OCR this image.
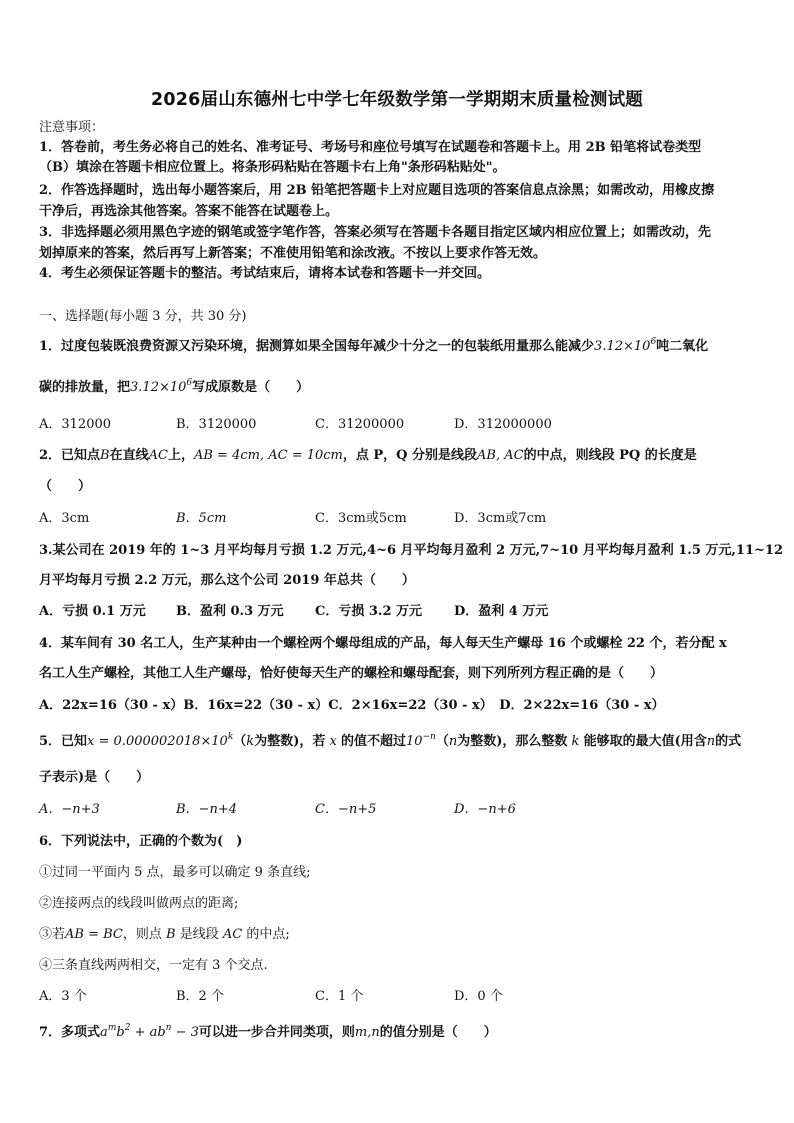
2026届山东德州七中学七年级数学第一学期期末质量检测试题
注意事项：
1．答卷前，考生务必将自己的姓名、准考证号、考场号和座位号填写在试题卷和答题卡上。用 2B 铅笔将试卷类型
（B）填涂在答题卡相应位置上。将条形码粘贴在答题卡右上角"条形码粘贴处"。
2．作答选择题时，选出每小题答案后，用 2B 铅笔把答题卡上对应题目选项的答案信息点涂黑；如需改动，用橡皮擦
干净后，再选涂其他答案。答案不能答在试题卷上。
3．非选择题必须用黑色字迹的钢笔或签字笔作答，答案必须写在答题卡各题目指定区域内相应位置上；如需改动，先
划掉原来的答案，然后再写上新答案；不准使用铅笔和涂改液。不按以上要求作答无效。
4．考生必须保证答题卡的整洁。考试结束后，请将本试卷和答题卡一并交回。
一、选择题(每小题 3 分，共 30 分)
1．过度包装既浪费资源又污染环境，据测算如果全国每年减少十分之一的包装纸用量那么能减少$3.12\times 10^6$吨二氧化
碳的排放量，把$3.12\times 10^6$写成原数是（　　）
A．312000	B．3120000	C．31200000	D．312000000
2．已知点B在直线AC上，AB = 4cm, AC = 10cm，点 P，Q 分别是线段AB, AC的中点，则线段 PQ 的长度是
（　　）
A．3cm	B．5cm	C．3cm或5cm	D．3cm或7cm
3.某公司在 2019 年的 1~3 月平均每月亏损 1.2 万元,4~6 月平均每月盈利 2 万元,7~10 月平均每月盈利 1.5 万元,11~12
月平均每月亏损 2.2 万元，那么这个公司 2019 年总共（　　）
A．亏损 0.1 万元 B．盈利 0.3 万元 C．亏损 3.2 万元 D．盈利 4 万元
4．某车间有 30 名工人，生产某种由一个螺栓两个螺母组成的产品，每人每天生产螺母 16 个或螺栓 22 个，若分配 x
名工人生产螺栓，其他工人生产螺母，恰好使每天生产的螺栓和螺母配套，则下列所列方程正确的是（　　）
A．22x=16（30 - x）B．16x=22（30 - x）C．2×16x=22（30 - x）　D．2×22x=16（30 - x）
5．已知$x = 0.000002018\times 10^k(k$为整数)，若 x 的值不超过$10^{-n}(n$为整数)，那么整数 k 能够取的最大值(用含n的式
子表示)是（　　）
A．−n+3	B．−n+4	C．−n+5	D．−n+6
6．下列说法中，正确的个数为(　)
①过同一平面内 5 点，最多可以确定 9 条直线;
②连接两点的线段叫做两点的距离;
③若AB = BC，则点 B 是线段 AC 的中点;
④三条直线两两相交，一定有 3 个交点.
A．3 个	B．2 个	C．1 个	D．0 个
7．多项式$a^mb^2 + ab^n - 3$可以进一步合并同类项，则m,n的值分别是（　　）
